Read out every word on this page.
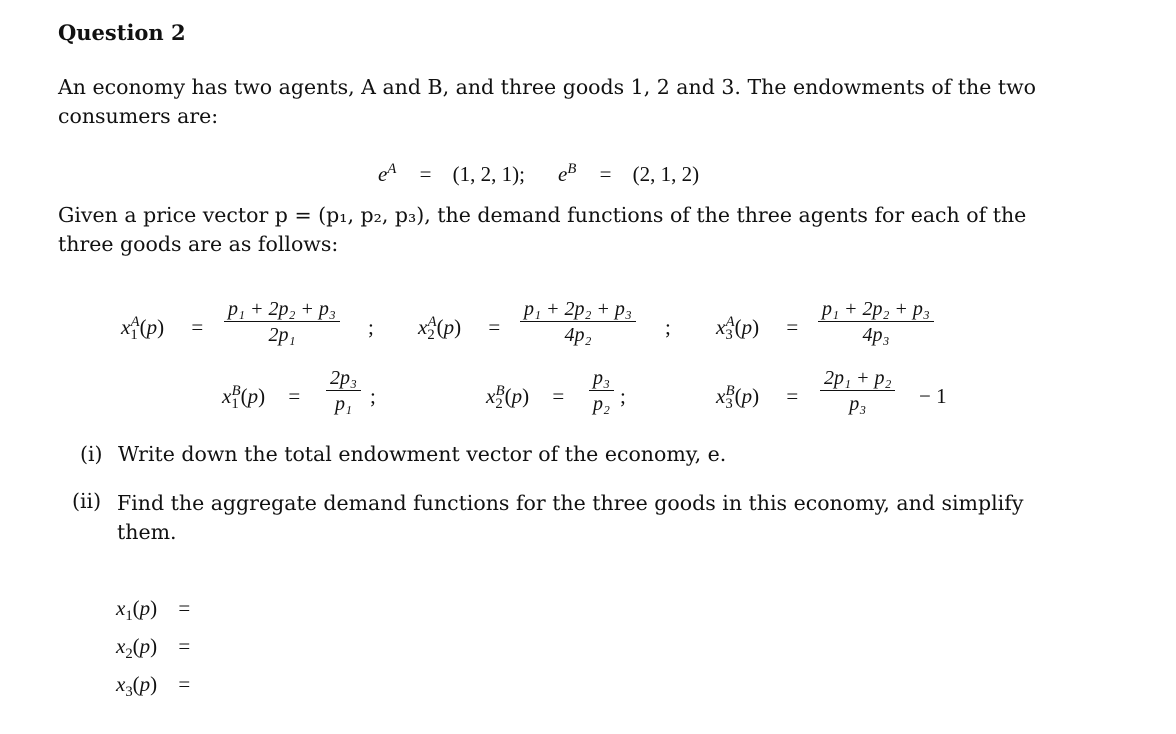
Question 2
An economy has two agents, A and B, and three goods 1, 2 and 3. The endowments of the two consumers are:
$e^A = (1$, 2, 1); $e^B = (2$, 1, 2)
Given a price vector p = (p₁, p₂, p₃), the demand functions of the three agents for each of the three goods are as follows:
$x_1^A(p)$ =
p₁ + 2p₂ + p₃
2p₁	; $x_2^A(p)$ =
p₁ + 2p₂ + p₃
4p₂	; $x_3^A(p)$ =
p₁ + 2p₂ + p₃
4p₃
$x_1^B(p)$ =
2p₃
p₁ ;	$x_2^B(p)$ =
p₃
p₂ ;	$x_3^B(p)$ =
2p₁ + p₂
p₃	− 1
(i) Write down the total endowment vector of the economy, e.
(ii) Find the aggregate demand functions for the three goods in this economy, and simplify them.
$x_1(p)$ =
$x_2(p)$ =
$x_3(p)$ =
